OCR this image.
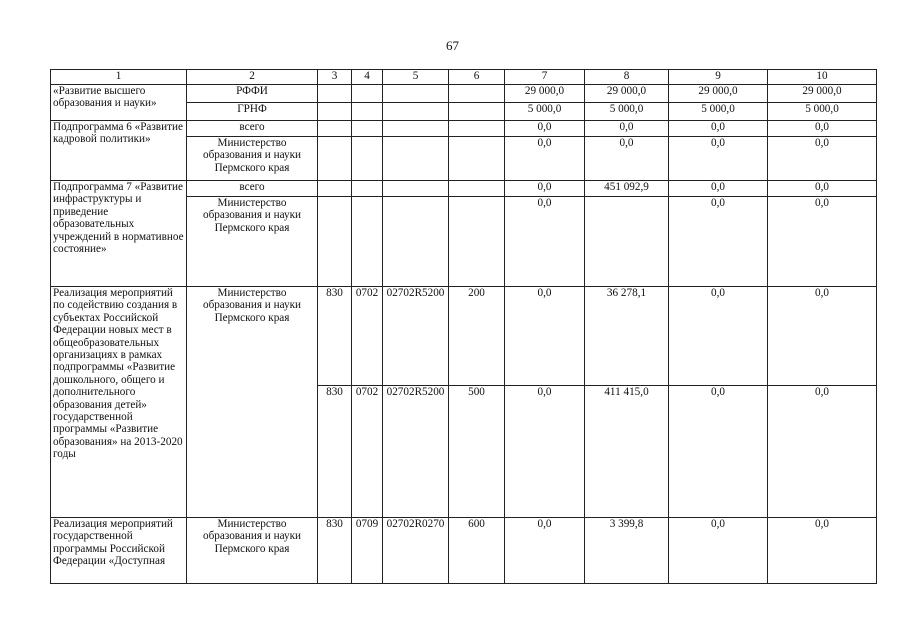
67
1	2	3	4	5	6	7	8	9	10
«Развитие высшего образования и науки»	РФФИ					29 000,0	29 000,0	29 000,0	29 000,0
	ГРНФ					5 000,0	5 000,0	5 000,0	5 000,0
Подпрограмма 6 «Развитие кадровой политики»	всего					0,0	0,0	0,0	0,0
	Министерство образования и науки Пермского края					0,0	0,0	0,0	0,0
Подпрограмма 7 «Развитие инфраструктуры и приведение образовательных учреждений в нормативное состояние»	всего					0,0	451 092,9	0,0	0,0
	Министерство образования и науки Пермского края					0,0		0,0	0,0
Реализация мероприятий по содействию создания в субъектах Российской Федерации новых мест в общеобразовательных организациях в рамках подпрограммы «Развитие дошкольного, общего и дополнительного образования детей» государственной программы «Развитие образования» на 2013-2020 годы	Министерство образования и науки Пермского края	830	0702	02702R5200	200	0,0	36 278,1	0,0	0,0
		830	0702	02702R5200	500	0,0	411 415,0	0,0	0,0
Реализация мероприятий государственной программы Российской Федерации «Доступная	Министерство образования и науки Пермского края	830	0709	02702R0270	600	0,0	3 399,8	0,0	0,0
